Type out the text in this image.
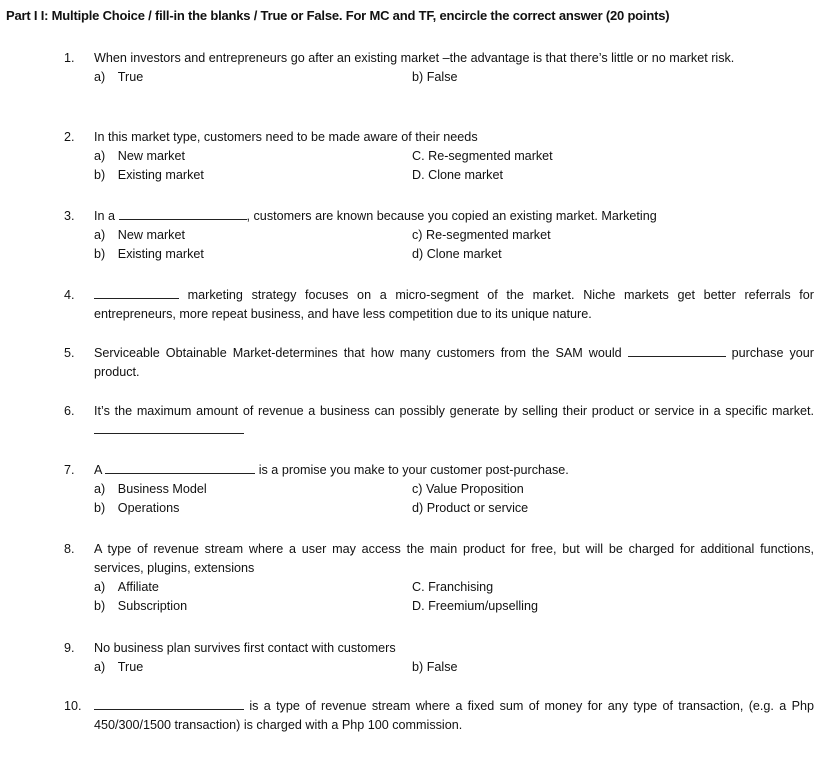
Part I I: Multiple Choice / fill-in the blanks / True or False. For MC and TF, encircle the correct answer (20 points)
1. When investors and entrepreneurs go after an existing market –the advantage is that there’s little or no market risk.
a) True	b) False
2. In this market type, customers need to be made aware of their needs
a) New market	C. Re-segmented market
b) Existing market	D. Clone market
3. In a	, customers are known because you copied an existing market. Marketing
a) New market	c) Re-segmented market
b) Existing market	d) Clone market
4.	marketing strategy focuses on a micro-segment of the market. Niche markets get better referrals for entrepreneurs, more repeat business, and have less competition due to its unique nature.
5. Serviceable Obtainable Market-determines that how many customers from the SAM would	purchase your product.
6. It’s the maximum amount of revenue a business can possibly generate by selling their product or service in a specific market.
7. A	is a promise you make to your customer post-purchase.
a) Business Model	c) Value Proposition
b) Operations	d) Product or service
8. A type of revenue stream where a user may access the main product for free, but will be charged for additional functions, services, plugins, extensions
a) Affiliate	C. Franchising
b) Subscription	D. Freemium/upselling
9. No business plan survives first contact with customers
a) True	b) False
10.	is a type of revenue stream where a fixed sum of money for any type of transaction, (e.g. a Php 450/300/1500 transaction) is charged with a Php 100 commission.
